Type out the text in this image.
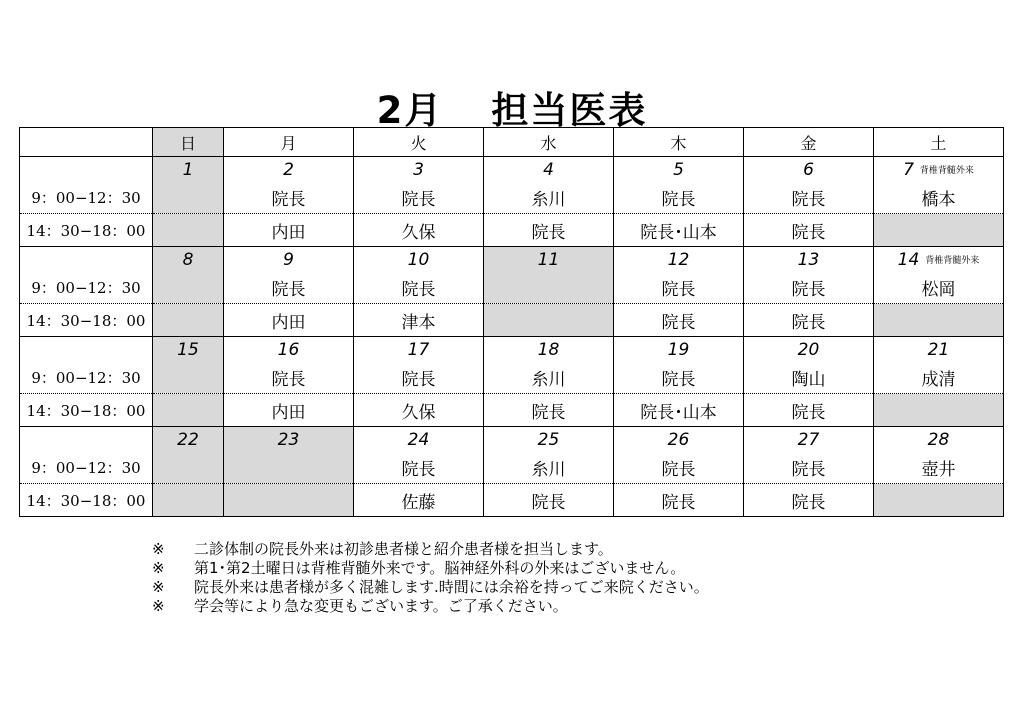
2月 担当医表
	日	月	火	水	木	金	土
	1	2	3	4	5	6	7 $^{背椎背髄外来}$
9：00−12：30		院長	院長	糸川	院長	院長	橋本
14：30−18：00		内田	久保	院長	院長･山本	院長	
	8	9	10	11	12	13	14 $^{背椎背髄外来}$
9：00−12：30		院長	院長		院長	院長	松岡
14：30−18：00		内田	津本		院長	院長	
	15	16	17	18	19	20	21
9：00−12：30		院長	院長	糸川	院長	陶山	成清
14：30−18：00		内田	久保	院長	院長･山本	院長	
	22	23	24	25	26	27	28
9：00−12：30			院長	糸川	院長	院長	壺井
14：30−18：00			佐藤	院長	院長	院長	
※ 二診体制の院長外来は初診患者様と紹介患者様を担当します。
※ 第1･第2土曜日は背椎背髄外来です。脳神経外科の外来はございません。
※ 院長外来は患者様が多く混雑します.時間には余裕を持ってご来院ください。
※ 学会等により急な変更もございます。ご了承ください。
